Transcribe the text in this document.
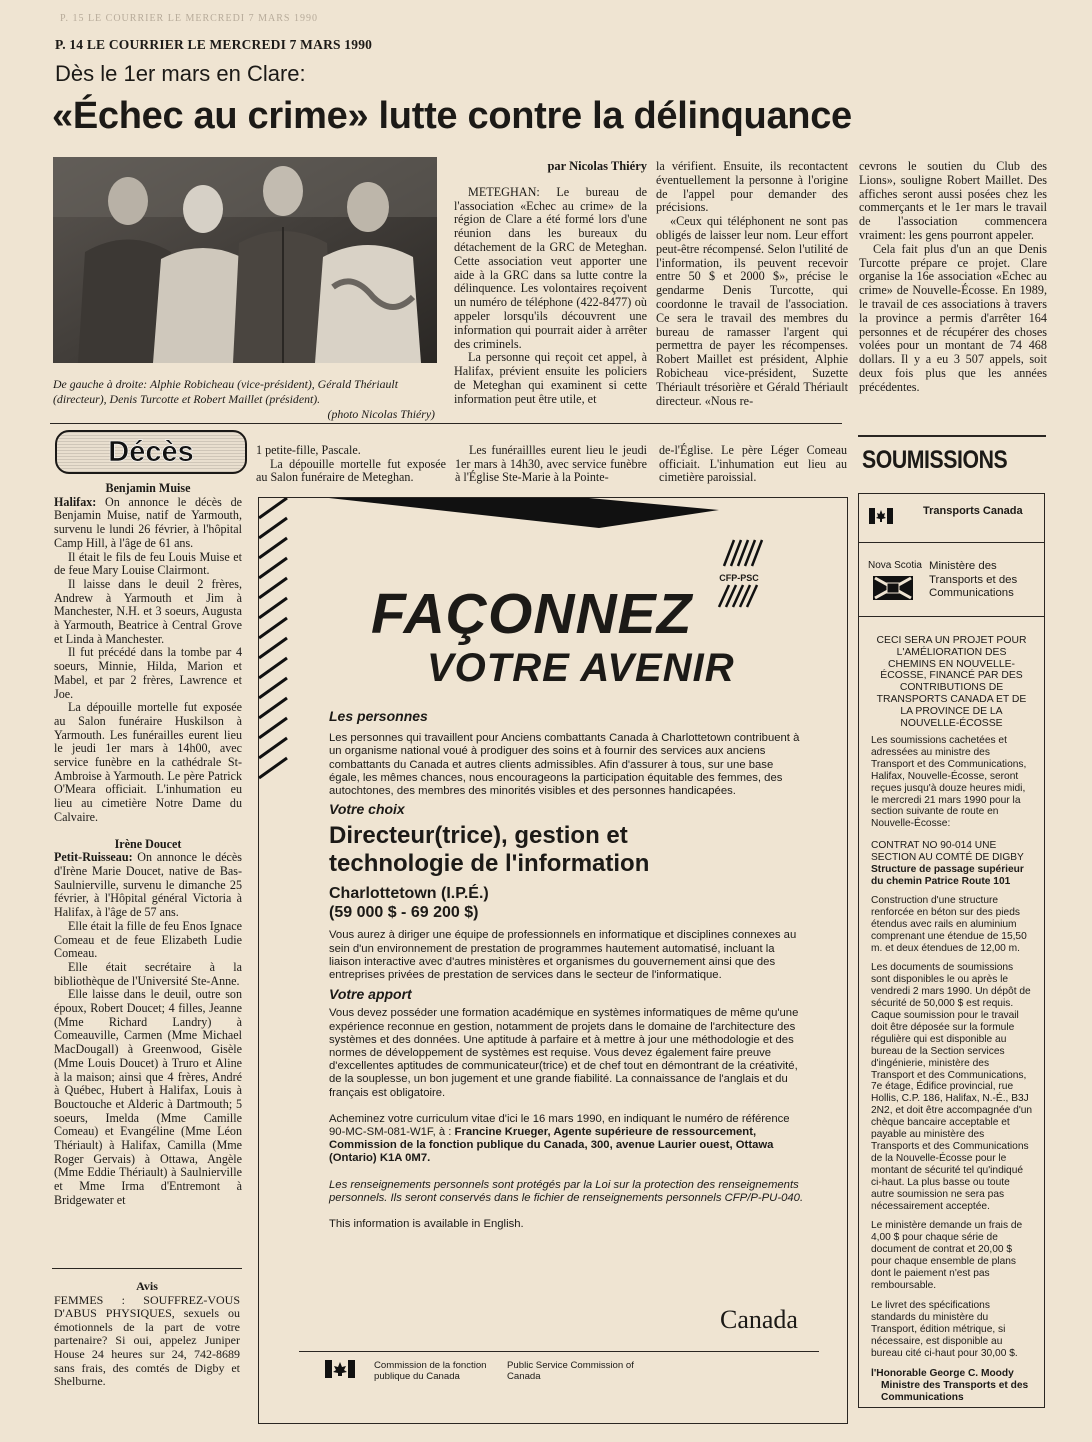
P. 15 LE COURRIER LE MERCREDI 7 MARS 1990
P. 14 LE COURRIER LE MERCREDI 7 MARS 1990
Dès le 1er mars en Clare:
«Échec au crime» lutte contre la délinquance
De gauche à droite: Alphie Robicheau (vice-président), Gérald Thériault (directeur), Denis Turcotte et Robert Maillet (président).
(photo Nicolas Thiéry)
par Nicolas Thiéry

METEGHAN: Le bureau de l'association «Echec au crime» de la région de Clare a été formé lors d'une réunion dans les bureaux du détachement de la GRC de Meteghan. Cette association veut apporter une aide à la GRC dans sa lutte contre la délinquence. Les volontaires reçoivent un numéro de téléphone (422-8477) où appeler lorsqu'ils découvrent une information qui pourrait aider à arrêter des criminels.

La personne qui reçoit cet appel, à Halifax, prévient ensuite les policiers de Meteghan qui examinent si cette information peut être utile, et

la vérifient. Ensuite, ils recontactent éventuellement la personne à l'origine de l'appel pour demander des précisions.

«Ceux qui téléphonent ne sont pas obligés de laisser leur nom. Leur effort peut-être récompensé. Selon l'utilité de l'information, ils peuvent recevoir entre 50 $ et 2000 $», précise le gendarme Denis Turcotte, qui coordonne le travail de l'association. Ce sera le travail des membres du bureau de ramasser l'argent qui permettra de payer les récompenses. Robert Maillet est président, Alphie Robicheau vice-président, Suzette Thériault trésorière et Gérald Thériault directeur. «Nous re-

cevrons le soutien du Club des Lions», souligne Robert Maillet. Des affiches seront aussi posées chez les commerçants et le 1er mars le travail de l'association commencera vraiment: les gens pourront appeler.

Cela fait plus d'un an que Denis Turcotte prépare ce projet. Clare organise la 16e association «Echec au crime» de Nouvelle-Écosse. En 1989, le travail de ces associations à travers la province a permis d'arrêter 164 personnes et de récupérer des choses volées pour un montant de 74 468 dollars. Il y a eu 3 507 appels, soit deux fois plus que les années précédentes.

Décès
Benjamin Muise

Halifax: On annonce le décès de Benjamin Muise, natif de Yarmouth, survenu le lundi 26 février, à l'hôpital Camp Hill, à l'âge de 61 ans.

Il était le fils de feu Louis Muise et de feue Mary Louise Clairmont.

Il laisse dans le deuil 2 frères, Andrew à Yarmouth et Jim à Manchester, N.H. et 3 soeurs, Augusta à Yarmouth, Beatrice à Central Grove et Linda à Manchester.

Il fut précédé dans la tombe par 4 soeurs, Minnie, Hilda, Marion et Mabel, et par 2 frères, Lawrence et Joe.

La dépouille mortelle fut exposée au Salon funéraire Huskilson à Yarmouth. Les funérailles eurent lieu le jeudi 1er mars à 14h00, avec service funèbre en la cathédrale St-Ambroise à Yarmouth. Le père Patrick O'Meara officiait. L'inhumation eu lieu au cimetière Notre Dame du Calvaire.

Irène Doucet

Petit-Ruisseau: On annonce le décès d'Irène Marie Doucet, native de Bas-Saulnierville, survenu le dimanche 25 février, à l'Hôpital général Victoria à Halifax, à l'âge de 57 ans.

Elle était la fille de feu Enos Ignace Comeau et de feue Elizabeth Ludie Comeau.

Elle était secrétaire à la bibliothèque de l'Université Ste-Anne.

Elle laisse dans le deuil, outre son époux, Robert Doucet; 4 filles, Jeanne (Mme Richard Landry) à Comeauville, Carmen (Mme Michael MacDougall) à Greenwood, Gisèle (Mme Louis Doucet) à Truro et Aline à la maison; ainsi que 4 frères, André à Québec, Hubert à Halifax, Louis à Bouctouche et Alderic à Dartmouth; 5 soeurs, Imelda (Mme Camille Comeau) et Evangéline (Mme Léon Thériault) à Halifax, Camilla (Mme Roger Gervais) à Ottawa, Angèle (Mme Eddie Thériault) à Saulnierville et Mme Irma d'Entremont à Bridgewater et

1 petite-fille, Pascale.

La dépouille mortelle fut exposée au Salon funéraire de Meteghan.

Les funéraillles eurent lieu le jeudi 1er mars à 14h30, avec service funèbre à l'Église Ste-Marie à la Pointe-

de-l'Église. Le père Léger Comeau officiait. L'inhumation eut lieu au cimetière paroissial.

Avis
FEMMES : SOUFFREZ-VOUS D'ABUS PHYSIQUES, sexuels ou émotionnels de la part de votre partenaire? Si oui, appelez Juniper House 24 heures sur 24, 742-8689 sans frais, des comtés de Digby et Shelburne.
CFP-PSC
FAÇONNEZ
VOTRE AVENIR
Les personnes
Les personnes qui travaillent pour Anciens combattants Canada à Charlottetown contribuent à un organisme national voué à prodiguer des soins et à fournir des services aux anciens combattants du Canada et autres clients admissibles. Afin d'assurer à tous, sur une base égale, les mêmes chances, nous encourageons la participation équitable des femmes, des autochtones, des membres des minorités visibles et des personnes handicapées.
Votre choix
Directeur(trice), gestion et
technologie de l'information
Charlottetown (I.P.É.)
(59 000 $ - 69 200 $)
Vous aurez à diriger une équipe de professionnels en informatique et disciplines connexes au sein d'un environnement de prestation de programmes hautement automatisé, incluant la liaison interactive avec d'autres ministères et organismes du gouvernement ainsi que des entreprises privées de prestation de services dans le secteur de l'informatique.
Votre apport
Vous devez posséder une formation académique en systèmes informatiques de même qu'une expérience reconnue en gestion, notamment de projets dans le domaine de l'architecture des systèmes et des données. Une aptitude à parfaire et à mettre à jour une méthodologie et des normes de développement de systèmes est requise. Vous devez également faire preuve d'excellentes aptitudes de communicateur(trice) et de chef tout en démontrant de la créativité, de la souplesse, un bon jugement et une grande fiabilité. La connaissance de l'anglais et du français est obligatoire.
Acheminez votre curriculum vitae d'ici le 16 mars 1990, en indiquant le numéro de référence 90-MC-SM-081-W1F, à : Francine Krueger, Agente supérieure de ressourcement, Commission de la fonction publique du Canada, 300, avenue Laurier ouest, Ottawa (Ontario) K1A 0M7.
Les renseignements personnels sont protégés par la Loi sur la protection des renseignements personnels. Ils seront conservés dans le fichier de renseignements personnels CFP/P-PU-040.
This information is available in English.
Commission de la fonction publique du Canada
Public Service Commission of Canada
Canada
SOUMISSIONS
Transports Canada
Nova Scotia Ministère des Transports et des Communications
CECI SERA UN PROJET POUR L'AMÉLIORATION DES CHEMINS EN NOUVELLE-ÉCOSSE, FINANCÉ PAR DES CONTRIBUTIONS DE TRANSPORTS CANADA ET DE LA PROVINCE DE LA NOUVELLE-ÉCOSSE
Les soumissions cachetées et adressées au ministre des Transport et des Communications, Halifax, Nouvelle-Écosse, seront reçues jusqu'à douze heures midi, le mercredi 21 mars 1990 pour la section suivante de route en Nouvelle-Écosse:
CONTRAT NO 90-014 UNE SECTION AU COMTÉ DE DIGBY
Structure de passage supérieur du chemin Patrice Route 101
Construction d'une structure renforcée en béton sur des pieds étendus avec rails en aluminium comprenant une étendue de 15,50 m. et deux étendues de 12,00 m.
Les documents de soumissions sont disponibles le ou après le vendredi 2 mars 1990. Un dépôt de sécurité de 50,000 $ est requis. Caque soumission pour le travail doit être déposée sur la formule régulière qui est disponible au bureau de la Section services d'ingénierie, ministère des Transport et des Communications, 7e étage, Édifice provincial, rue Hollis, C.P. 186, Halifax, N.-É., B3J 2N2, et doit être accompagnée d'un chèque bancaire acceptable et payable au ministère des Transports et des Communications de la Nouvelle-Écosse pour le montant de sécurité tel qu'indiqué ci-haut. La plus basse ou toute autre soumission ne sera pas nécessairement acceptée.
Le ministère demande un frais de 4,00 $ pour chaque série de document de contrat et 20,00 $ pour chaque ensemble de plans dont le paiement n'est pas remboursable.
Le livret des spécifications standards du ministère du Transport, édition métrique, si nécessaire, est disponible au bureau cité ci-haut pour 30,00 $.
l'Honorable George C. Moody
Ministre des Transports et des Communications
